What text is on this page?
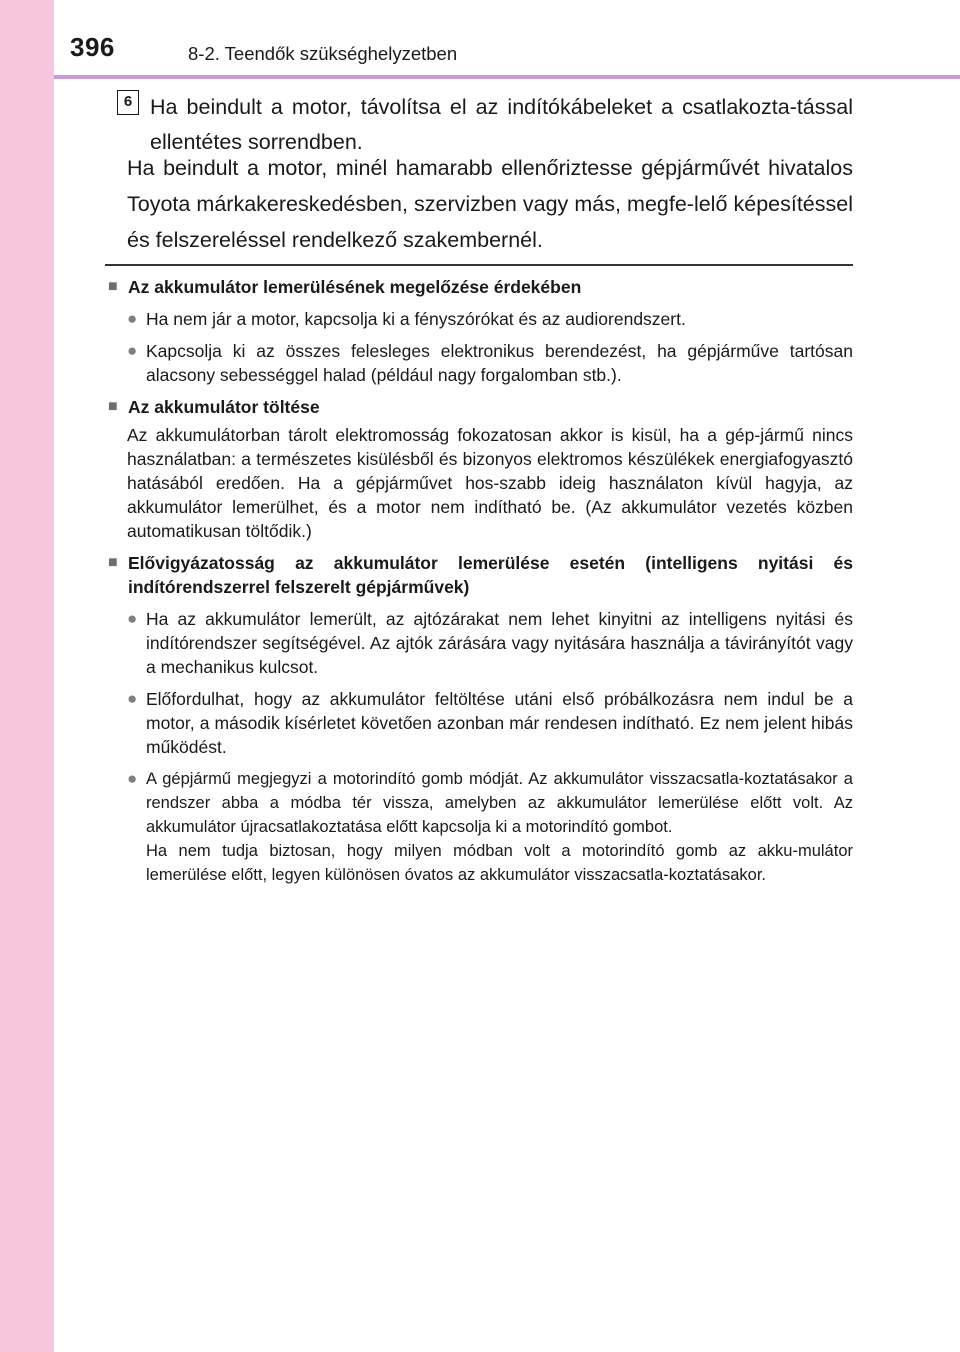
396	8-2. Teendők szükséghelyzetben
6 Ha beindult a motor, távolítsa el az indítókábeleket a csatlakozta-tással ellentétes sorrendben.
Ha beindult a motor, minél hamarabb ellenőriztesse gépjárművét hivatalos Toyota márkakereskedésben, szervizben vagy más, megfe-lelő képesítéssel és felszereléssel rendelkező szakembernél.
■ Az akkumulátor lemerülésének megelőzése érdekében
● Ha nem jár a motor, kapcsolja ki a fényszórókat és az audiorendszert.
● Kapcsolja ki az összes felesleges elektronikus berendezést, ha gépjárműve tartósan alacsony sebességgel halad (például nagy forgalomban stb.).
■ Az akkumulátor töltése
Az akkumulátorban tárolt elektromosság fokozatosan akkor is kisül, ha a gép-jármű nincs használatban: a természetes kisülésből és bizonyos elektromos készülékek energiafogyasztó hatásából eredően. Ha a gépjárművet hos-szabb ideig használaton kívül hagyja, az akkumulátor lemerülhet, és a motor nem indítható be. (Az akkumulátor vezetés közben automatikusan töltődik.)
■ Elővigyázatosság az akkumulátor lemerülése esetén (intelligens nyitási és indítórendszerrel felszerelt gépjárművek)
● Ha az akkumulátor lemerült, az ajtózárakat nem lehet kinyitni az intelligens nyitási és indítórendszer segítségével. Az ajtók zárására vagy nyitására használja a távirányítót vagy a mechanikus kulcsot.
● Előfordulhat, hogy az akkumulátor feltöltése utáni első próbálkozásra nem indul be a motor, a második kísérletet követően azonban már rendesen indítható. Ez nem jelent hibás működést.
● A gépjármű megjegyzi a motorindító gomb módját. Az akkumulátor visszacsatla-koztatásakor a rendszer abba a módba tér vissza, amelyben az akkumulátor lemerülése előtt volt. Az akkumulátor újracsatlakoztatása előtt kapcsolja ki a motorindító gombot.

Ha nem tudja biztosan, hogy milyen módban volt a motorindító gomb az akku-mulátor lemerülése előtt, legyen különösen óvatos az akkumulátor visszacsatla-koztatásakor.
